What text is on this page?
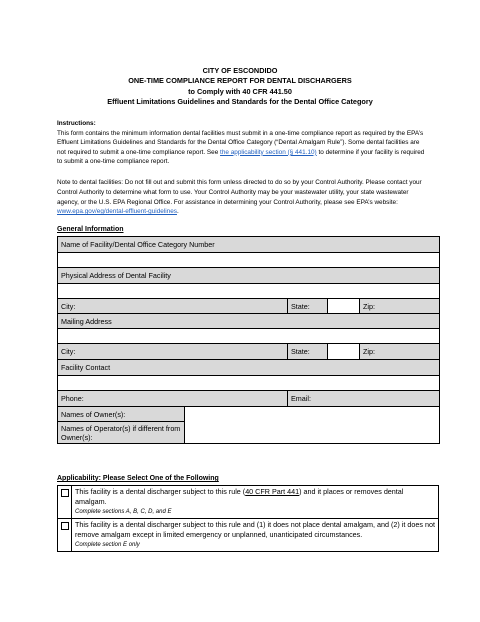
CITY OF ESCONDIDO
ONE-TIME COMPLIANCE REPORT FOR DENTAL DISCHARGERS
to Comply with 40 CFR 441.50
Effluent Limitations Guidelines and Standards for the Dental Office Category

Instructions:

This form contains the minimum information dental facilities must submit in a one-time compliance report as required by the EPA’s Effluent Limitations Guidelines and Standards for the Dental Office Category (“Dental Amalgam Rule”). Some dental facilities are not required to submit a one-time compliance report. See the applicability section (§ 441.10) to determine if your facility is required to submit a one-time compliance report.

Note to dental facilities: Do not fill out and submit this form unless directed to do so by your Control Authority. Please contact your Control Authority to determine what form to use. Your Control Authority may be your wastewater utility, your state wastewater agency, or the U.S. EPA Regional Office. For assistance in determining your Control Authority, please see EPA’s website: www.epa.gov/eg/dental-effluent-guidelines.
General Information
Name of Facility/Dental Office Category Number				

Physical Address of Dental Facility				

City:		State:		Zip:
Mailing Address				

City:		State:		Zip:
Facility Contact				

Phone:		Email:		
Names of Owner(s):				
Names of Operator(s) if different from Owner(s):				
Applicability: Please Select One of the Following

	This facility is a dental discharger subject to this rule (40 CFR Part 441) and it places or removes dental amalgam.
Complete sections A, B, C, D, and E

	This facility is a dental discharger subject to this rule and (1) it does not place dental amalgam, and (2) it does not remove amalgam except in limited emergency or unplanned, unanticipated circumstances.
Complete section E only
